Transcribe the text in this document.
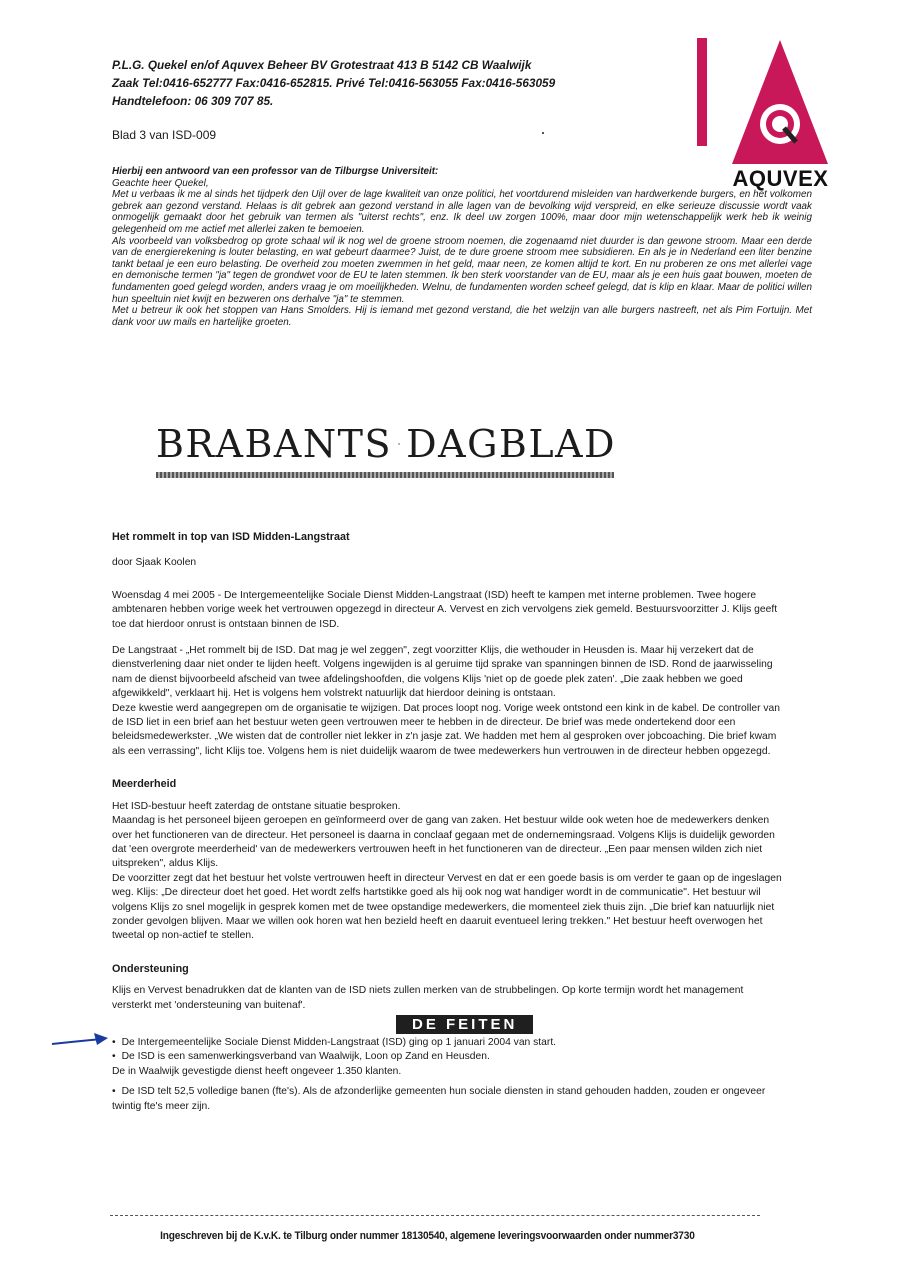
P.L.G. Quekel en/of Aquvex Beheer BV Grotestraat 413 B 5142 CB Waalwijk
Zaak Tel:0416-652777 Fax:0416-652815. Privé Tel:0416-563055 Fax:0416-563059
Handtelefoon: 06 309 707 85.
Blad 3 van ISD-009
AQUVEX

Hierbij een antwoord van een professor van de Tilburgse Universiteit:

Geachte heer Quekel,

Met u verbaas ik me al sinds het tijdperk den Uijl over de lage kwaliteit van onze politici, het voortdurend misleiden van hardwerkende burgers, en het volkomen gebrek aan gezond verstand. Helaas is dit gebrek aan gezond verstand in alle lagen van de bevolking wijd verspreid, en elke serieuze discussie wordt vaak onmogelijk gemaakt door het gebruik van termen als "uiterst rechts", enz. Ik deel uw zorgen 100%, maar door mijn wetenschappelijk werk heb ik weinig gelegenheid om me actief met allerlei zaken te bemoeien.

Als voorbeeld van volksbedrog op grote schaal wil ik nog wel de groene stroom noemen, die zogenaamd niet duurder is dan gewone stroom. Maar een derde van de energierekening is louter belasting, en wat gebeurt daarmee? Juist, de te dure groene stroom mee subsidieren. En als je in Nederland een liter benzine tankt betaal je een euro belasting. De overheid zou moeten zwemmen in het geld, maar neen, ze komen altijd te kort. En nu proberen ze ons met allerlei vage en demonische termen "ja" tegen de grondwet voor de EU te laten stemmen. Ik ben sterk voorstander van de EU, maar als je een huis gaat bouwen, moeten de fundamenten goed gelegd worden, anders vraag je om moeilijkheden. Welnu, de fundamenten worden scheef gelegd, dat is klip en klaar. Maar de politici willen hun speeltuin niet kwijt en bezweren ons derhalve "ja" te stemmen.

Met u betreur ik ook het stoppen van Hans Smolders. Hij is iemand met gezond verstand, die het welzijn van alle burgers nastreeft, net als Pim Fortuijn. Met dank voor uw mails en hartelijke groeten.

BRABANTS DAGBLAD

Het rommelt in top van ISD Midden-Langstraat

door Sjaak Koolen

Woensdag 4 mei 2005 - De Intergemeentelijke Sociale Dienst Midden-Langstraat (ISD) heeft te kampen met interne problemen. Twee hogere ambtenaren hebben vorige week het vertrouwen opgezegd in directeur A. Vervest en zich vervolgens ziek gemeld. Bestuursvoorzitter J. Klijs geeft toe dat hierdoor onrust is ontstaan binnen de ISD.

De Langstraat - „Het rommelt bij de ISD. Dat mag je wel zeggen", zegt voorzitter Klijs, die wethouder in Heusden is. Maar hij verzekert dat de dienstverlening daar niet onder te lijden heeft. Volgens ingewijden is al geruime tijd sprake van spanningen binnen de ISD. Rond de jaarwisseling nam de dienst bijvoorbeeld afscheid van twee afdelingshoofden, die volgens Klijs 'niet op de goede plek zaten'. „Die zaak hebben we goed afgewikkeld", verklaart hij. Het is volgens hem volstrekt natuurlijk dat hierdoor deining is ontstaan.

Deze kwestie werd aangegrepen om de organisatie te wijzigen. Dat proces loopt nog. Vorige week ontstond een kink in de kabel. De controller van de ISD liet in een brief aan het bestuur weten geen vertrouwen meer te hebben in de directeur. De brief was mede ondertekend door een beleidsmedewerkster. „We wisten dat de controller niet lekker in z'n jasje zat. We hadden met hem al gesproken over jobcoaching. Die brief kwam als een verrassing", licht Klijs toe. Volgens hem is niet duidelijk waarom de twee medewerkers hun vertrouwen in de directeur hebben opgezegd.

Meerderheid

Het ISD-bestuur heeft zaterdag de ontstane situatie besproken.

Maandag is het personeel bijeen geroepen en geïnformeerd over de gang van zaken. Het bestuur wilde ook weten hoe de medewerkers denken over het functioneren van de directeur. Het personeel is daarna in conclaaf gegaan met de ondernemingsraad. Volgens Klijs is duidelijk geworden dat 'een overgrote meerderheid' van de medewerkers vertrouwen heeft in het functioneren van de directeur. „Een paar mensen wilden zich niet uitspreken", aldus Klijs.

De voorzitter zegt dat het bestuur het volste vertrouwen heeft in directeur Vervest en dat er een goede basis is om verder te gaan op de ingeslagen weg. Klijs: „De directeur doet het goed. Het wordt zelfs hartstikke goed als hij ook nog wat handiger wordt in de communicatie". Het bestuur wil volgens Klijs zo snel mogelijk in gesprek komen met de twee opstandige medewerkers, die momenteel ziek thuis zijn. „Die brief kan natuurlijk niet zonder gevolgen blijven. Maar we willen ook horen wat hen bezield heeft en daaruit eventueel lering trekken." Het bestuur heeft overwogen het tweetal op non-actief te stellen.

Ondersteuning

Klijs en Vervest benadrukken dat de klanten van de ISD niets zullen merken van de strubbelingen. Op korte termijn wordt het management versterkt met 'ondersteuning van buitenaf'.

DE FEITEN

• De Intergemeentelijke Sociale Dienst Midden-Langstraat (ISD) ging op 1 januari 2004 van start.

• De ISD is een samenwerkingsverband van Waalwijk, Loon op Zand en Heusden.

De in Waalwijk gevestigde dienst heeft ongeveer 1.350 klanten.

• De ISD telt 52,5 volledige banen (fte's). Als de afzonderlijke gemeenten hun sociale diensten in stand gehouden hadden, zouden er ongeveer twintig fte's meer zijn.

Ingeschreven bij de K.v.K. te Tilburg onder nummer 18130540, algemene leveringsvoorwaarden onder nummer3730
